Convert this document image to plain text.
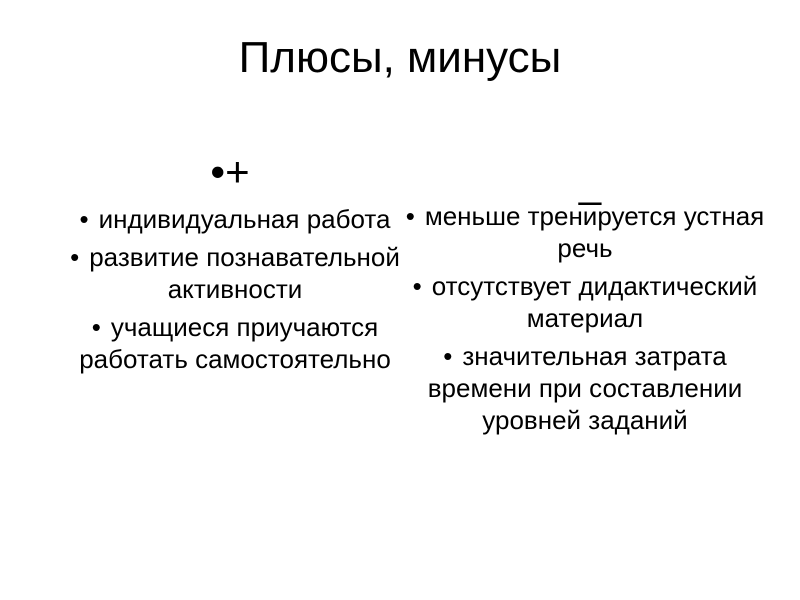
Плюсы, минусы
•+	_
• индивидуальная работа
• развитие познавательной активности
• учащиеся приучаются работать самостоятельно
• меньше тренируется устная речь
• отсутствует дидактический материал
• значительная затрата времени при составлении уровней заданий
